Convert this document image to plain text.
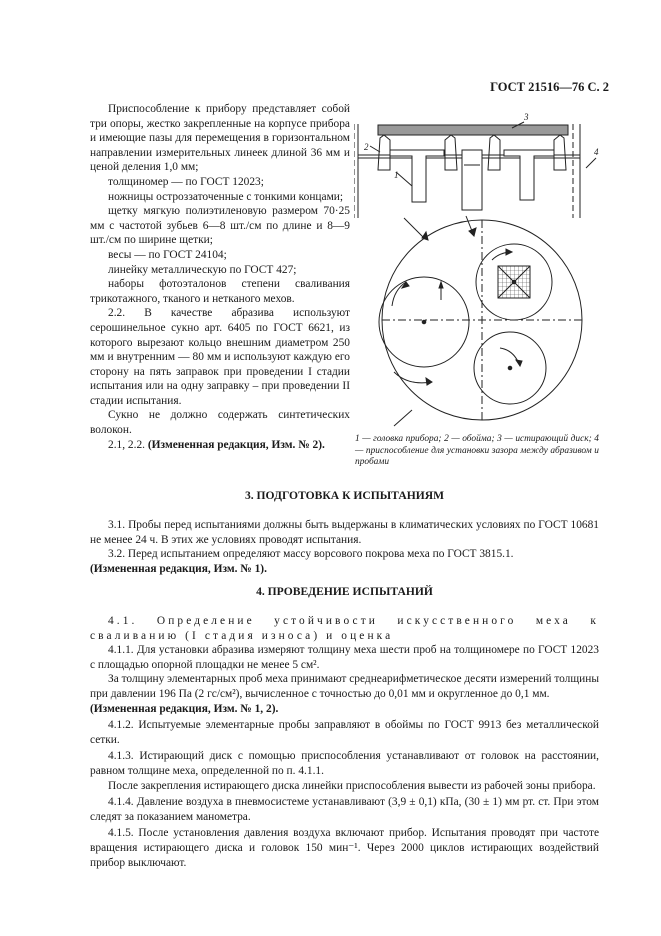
ГОСТ 21516—76 С. 2

Приспособление к прибору представляет собой три опоры, жестко закрепленные на корпусе прибора и имеющие пазы для перемещения в горизонтальном направлении измерительных линеек длиной 36 мм и ценой деления 1,0 мм;

толщиномер — по ГОСТ 12023;

ножницы остроззаточенные с тонкими концами;

щетку мягкую полиэтиленовую размером 70·25 мм с частотой зубьев 6—8 шт./см по длине и 8—9 шт./см по ширине щетки;

весы — по ГОСТ 24104;

линейку металлическую по ГОСТ 427;

наборы фотоэталонов степени сваливания трикотажного, тканого и нетканого мехов.

2.2. В качестве абразива используют серошинельное сукно арт. 6405 по ГОСТ 6621, из которого вырезают кольцо внешним диаметром 250 мм и внутренним — 80 мм и используют каждую его сторону на пять заправок при проведении I стадии испытания или на одну заправку – при проведении II стадии испытания.

Сукно не должно содержать синтетических волокон.

2.1, 2.2. (Измененная редакция, Изм. № 2).

2
1
3
4
1 — головка прибора; 2 — обойма; 3 — истирающий диск; 4 — приспособление для установки зазора между абразивом и пробами

3. ПОДГОТОВКА К ИСПЫТАНИЯМ

3.1. Пробы перед испытаниями должны быть выдержаны в климатических условиях по ГОСТ 10681 не менее 24 ч. В этих же условиях проводят испытания.

3.2. Перед испытанием определяют массу ворсового покрова меха по ГОСТ 3815.1.

(Измененная редакция, Изм. № 1).

4. ПРОВЕДЕНИЕ ИСПЫТАНИЙ

4.1. Определение устойчивости искусственного меха к сваливанию (I стадия износа) и оценка

4.1.1. Для установки абразива измеряют толщину меха шести проб на толщиномере по ГОСТ 12023 с площадью опорной площадки не менее 5 см².

За толщину элементарных проб меха принимают среднеарифметическое десяти измерений толщины при давлении 196 Па (2 гс/см²), вычисленное с точностью до 0,01 мм и округленное до 0,1 мм.

(Измененная редакция, Изм. № 1, 2).

4.1.2. Испытуемые элементарные пробы заправляют в обоймы по ГОСТ 9913 без металлической сетки.

4.1.3. Истирающий диск с помощью приспособления устанавливают от головок на расстоянии, равном толщине меха, определенной по п. 4.1.1.

После закрепления истирающего диска линейки приспособления вывести из рабочей зоны прибора.

4.1.4. Давление воздуха в пневмосистеме устанавливают (3,9 ± 0,1) кПа, (30 ± 1) мм рт. ст. При этом следят за показанием манометра.

4.1.5. После установления давления воздуха включают прибор. Испытания проводят при частоте вращения истирающего диска и головок 150 мин⁻¹. Через 2000 циклов истирающих воздействий прибор выключают.
